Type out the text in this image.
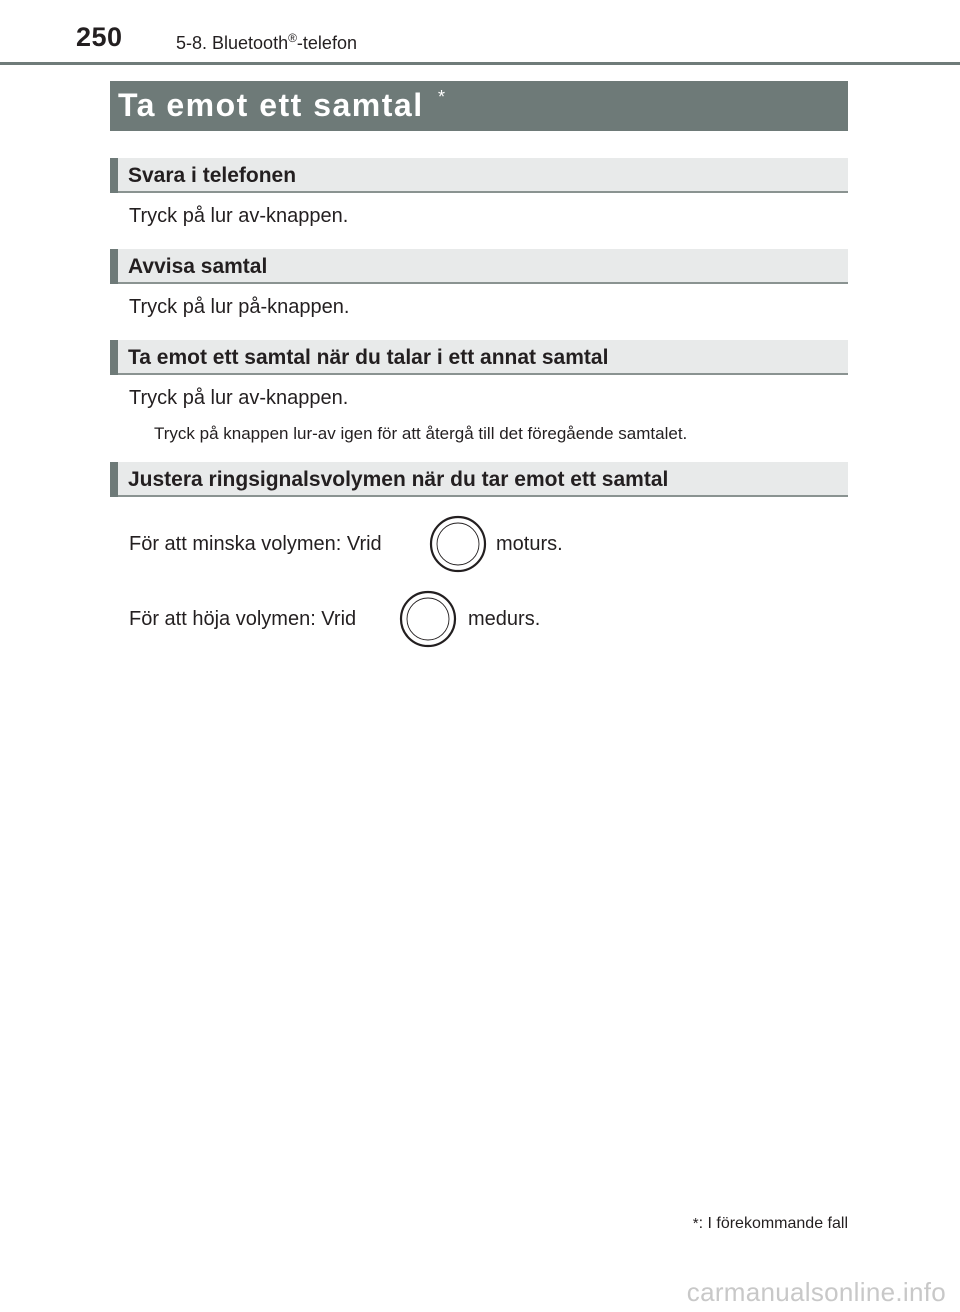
250	5-8. Bluetooth®-telefon
Ta emot ett samtal *
Svara i telefonen
Tryck på lur av-knappen.
Avvisa samtal
Tryck på lur på-knappen.
Ta emot ett samtal när du talar i ett annat samtal
Tryck på lur av-knappen.
Tryck på knappen lur-av igen för att återgå till det föregående samtalet.
Justera ringsignalsvolymen när du tar emot ett samtal
För att minska volymen: Vrid	moturs.
För att höja volymen: Vrid	medurs.
*: I förekommande fall
carmanualsonline.info
